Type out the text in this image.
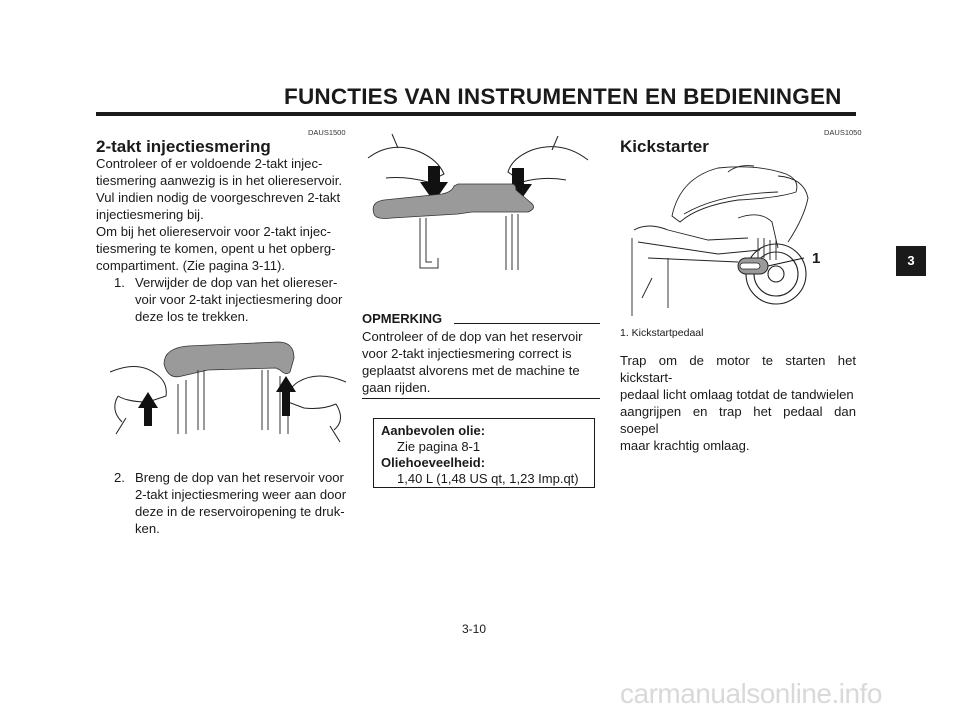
FUNCTIES VAN INSTRUMENTEN EN BEDIENINGEN
DAUS1500
2-takt injectiesmering
Controleer of er voldoende 2-takt injec-
tiesmering aanwezig is in het oliereservoir.
Vul indien nodig de voorgeschreven 2-takt
injectiesmering bij.
Om bij het oliereservoir voor 2-takt injec-
tiesmering te komen, opent u het opberg-
compartiment. (Zie pagina 3-11).
1. Verwijder de dop van het oliereser-
voir voor 2-takt injectiesmering door
deze los te trekken.
2. Breng de dop van het reservoir voor
2-takt injectiesmering weer aan door
deze in de reservoiropening te druk-
ken.
OPMERKING
Controleer of de dop van het reservoir
voor 2-takt injectiesmering correct is
geplaatst alvorens met de machine te
gaan rijden.
Aanbevolen olie:
Zie pagina 8-1
Oliehoeveelheid:
1,40 L (1,48 US qt, 1,23 Imp.qt)
DAUS1050
Kickstarter
1
1. Kickstartpedaal
Trap om de motor te starten het kickstart-
pedaal licht omlaag totdat de tandwielen
aangrijpen en trap het pedaal dan soepel
maar krachtig omlaag.
3
3-10
carmanualsonline.info
